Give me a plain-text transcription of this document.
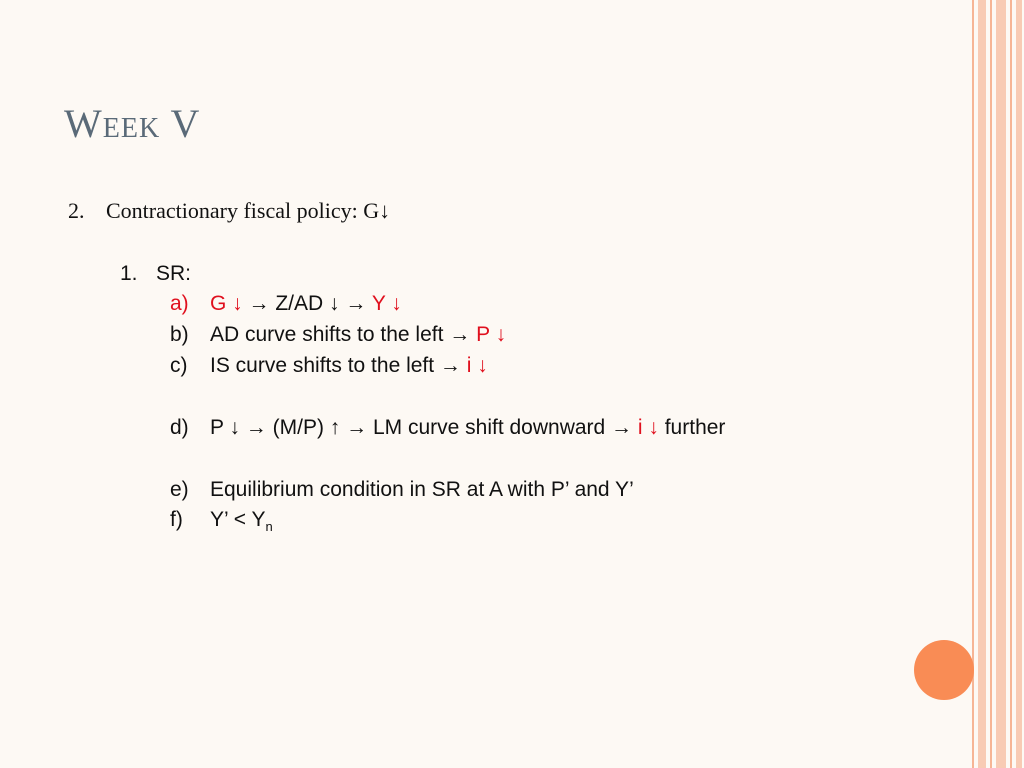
Week V
2. Contractionary fiscal policy: G↓
1. SR:
a) G ↓ → Z/AD ↓ → Y ↓
b) AD curve shifts to the left → P ↓
c) IS curve shifts to the left → i ↓
d) P ↓ → (M/P) ↑ → LM curve shift downward → i ↓ further
e) Equilibrium condition in SR at A with P’ and Y’
f) Y’ < $Y_n$
